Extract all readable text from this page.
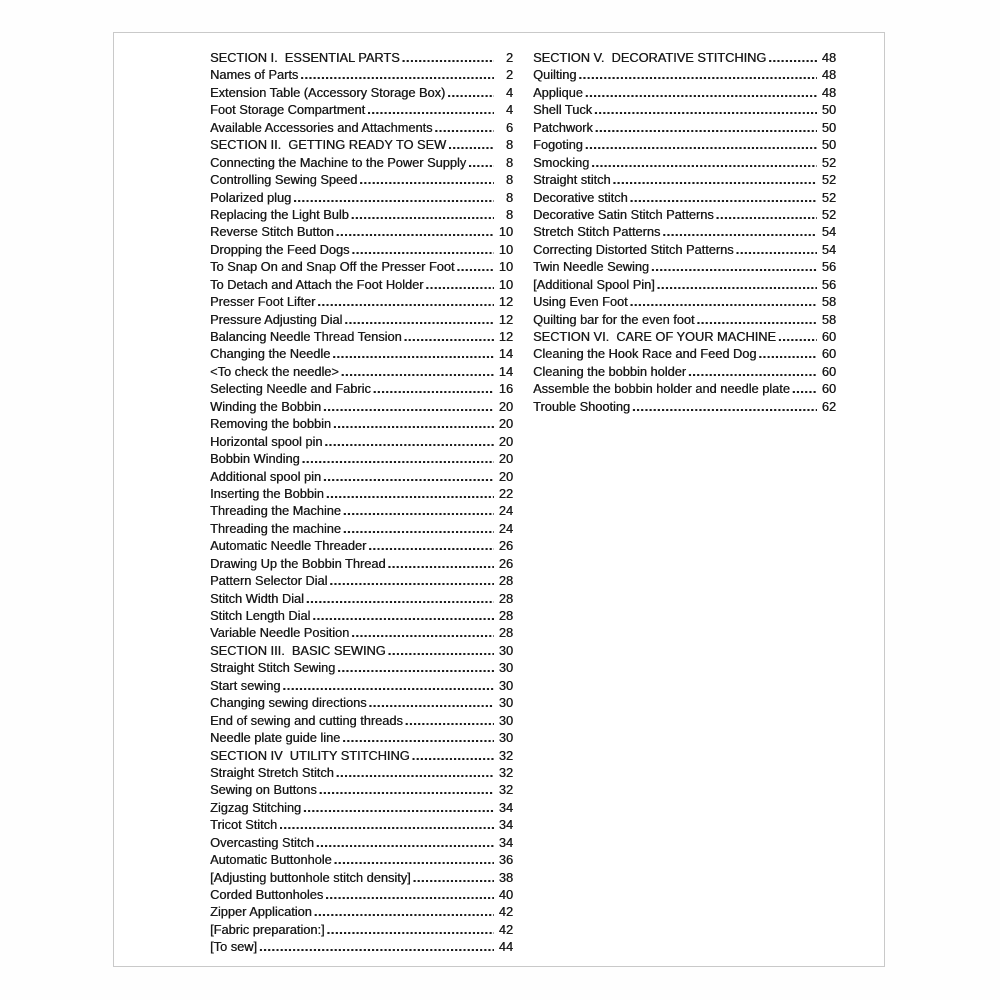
SECTION I.  ESSENTIAL PARTS .....	2
Names of Parts .....	2
Extension Table (Accessory Storage Box) .....	4
Foot Storage Compartment .....	4
Available Accessories and Attachments .....	6
SECTION II.  GETTING READY TO SEW .....	8
Connecting the Machine to the Power Supply .....	8
Controlling Sewing Speed .....	8
Polarized plug .....	8
Replacing the Light Bulb .....	8
Reverse Stitch Button .....	10
Dropping the Feed Dogs .....	10
To Snap On and Snap Off the Presser Foot .....	10
To Detach and Attach the Foot Holder .....	10
Presser Foot Lifter .....	12
Pressure Adjusting Dial .....	12
Balancing Needle Thread Tension .....	12
Changing the Needle .....	14
<To check the needle> .....	14
Selecting Needle and Fabric .....	16
Winding the Bobbin .....	20
Removing the bobbin .....	20
Horizontal spool pin .....	20
Bobbin Winding .....	20
Additional spool pin .....	20
Inserting the Bobbin .....	22
Threading the Machine .....	24
Threading the machine .....	24
Automatic Needle Threader .....	26
Drawing Up the Bobbin Thread .....	26
Pattern Selector Dial .....	28
Stitch Width Dial .....	28
Stitch Length Dial .....	28
Variable Needle Position .....	28
SECTION III.  BASIC SEWING .....	30
Straight Stitch Sewing .....	30
Start sewing .....	30
Changing sewing directions .....	30
End of sewing and cutting threads .....	30
Needle plate guide line .....	30
SECTION IV  UTILITY STITCHING .....	32
Straight Stretch Stitch .....	32
Sewing on Buttons .....	32
Zigzag Stitching .....	34
Tricot Stitch .....	34
Overcasting Stitch .....	34
Automatic Buttonhole .....	36
[Adjusting buttonhole stitch density] .....	38
Corded Buttonholes .....	40
Zipper Application .....	42
[Fabric preparation:] .....	42
[To sew] .....	44
SECTION V.  DECORATIVE STITCHING .....	48
Quilting .....	48
Applique .....	48
Shell Tuck .....	50
Patchwork .....	50
Fogoting .....	50
Smocking .....	52
Straight stitch .....	52
Decorative stitch .....	52
Decorative Satin Stitch Patterns .....	52
Stretch Stitch Patterns .....	54
Correcting Distorted Stitch Patterns .....	54
Twin Needle Sewing .....	56
[Additional Spool Pin] .....	56
Using Even Foot .....	58
Quilting bar for the even foot .....	58
SECTION VI.  CARE OF YOUR MACHINE .....	60
Cleaning the Hook Race and Feed Dog .....	60
Cleaning the bobbin holder .....	60
Assemble the bobbin holder and needle plate ..... 60
Trouble Shooting .....	62
